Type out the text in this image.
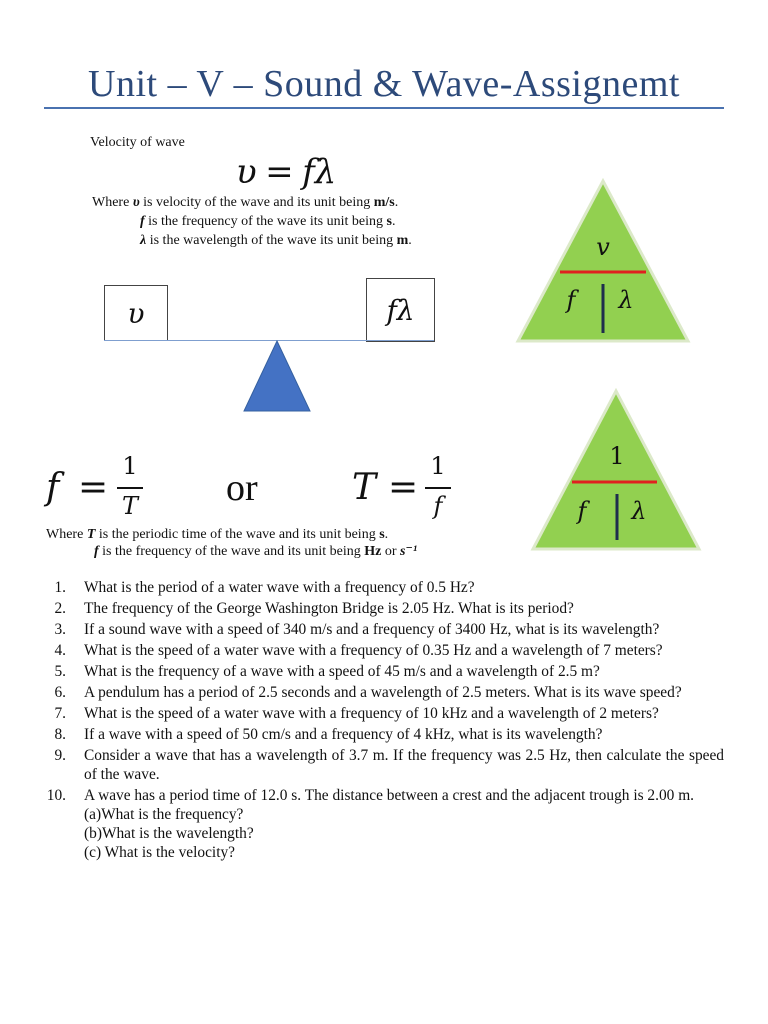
Unit – V – Sound & Wave-Assignemt
Velocity of wave
υ = fλ
Where υ is velocity of the wave and its unit being m/s.
f is the frequency of the wave its unit being s.
λ is the wavelength of the wave its unit being m.
υ	fλ
v
f	λ
1
f	λ
f =
1
T or	T =
1
f
Where T is the periodic time of the wave and its unit being s.
f is the frequency of the wave and its unit being Hz or s⁻¹
1. What is the period of a water wave with a frequency of 0.5 Hz?
2. The frequency of the George Washington Bridge is 2.05 Hz. What is its period?
3. If a sound wave with a speed of 340 m/s and a frequency of 3400 Hz, what is its wavelength?
4. What is the speed of a water wave with a frequency of 0.35 Hz and a wavelength of 7 meters?
5. What is the frequency of a wave with a speed of 45 m/s and a wavelength of 2.5 m?
6. A pendulum has a period of 2.5 seconds and a wavelength of 2.5 meters. What is its wave speed?
7. What is the speed of a water wave with a frequency of 10 kHz and a wavelength of 2 meters?
8. If a wave with a speed of 50 cm/s and a frequency of 4 kHz, what is its wavelength?
9. Consider a wave that has a wavelength of 3.7 m. If the frequency was 2.5 Hz, then calculate the speed of the wave.
10. A wave has a period time of 12.0 s. The distance between a crest and the adjacent trough is 2.00 m.
(a)What is the frequency?
(b)What is the wavelength?
(c) What is the velocity?
